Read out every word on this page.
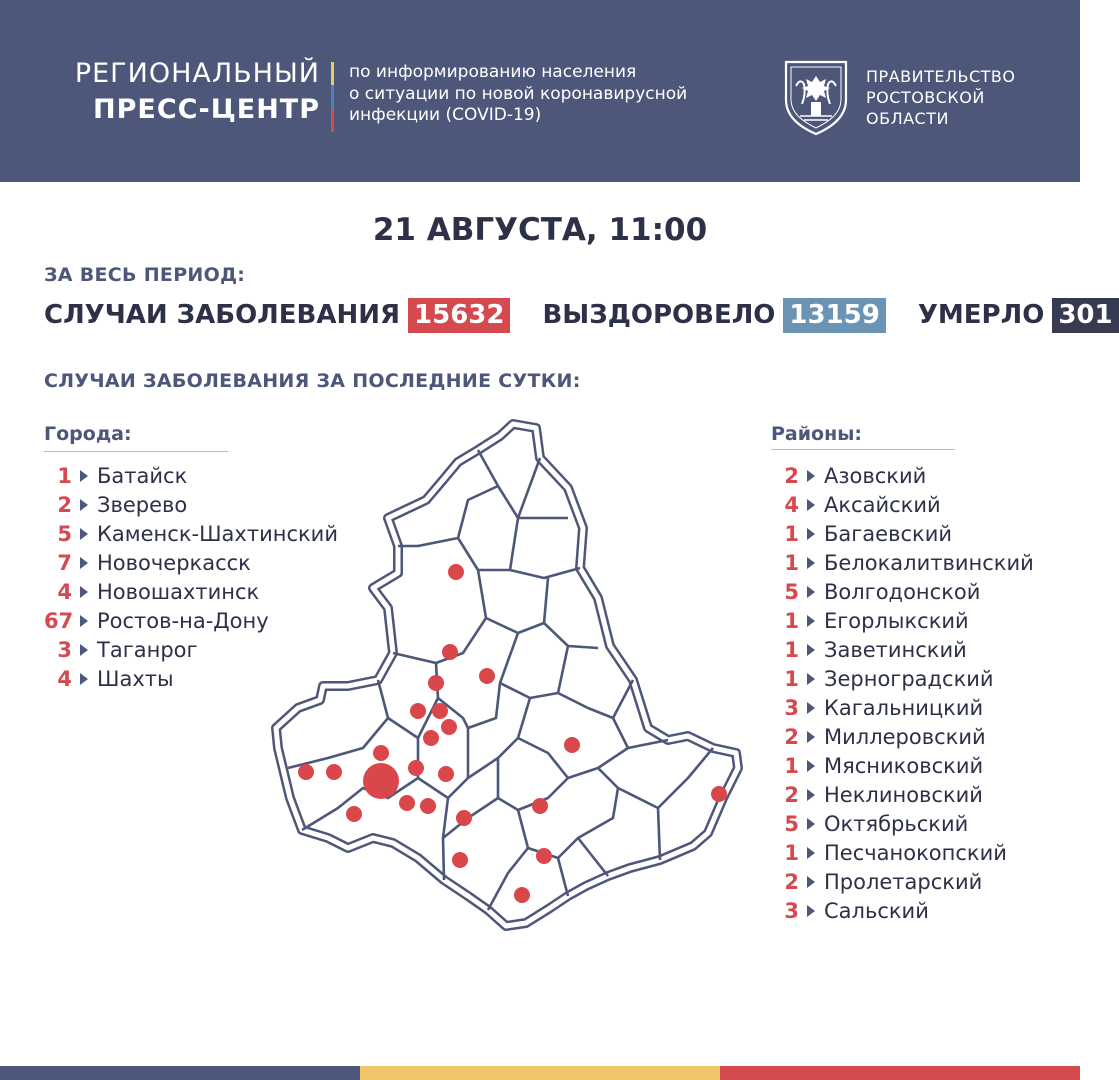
РЕГИОНАЛЬНЫЙ
ПРЕСС-ЦЕНТР
по информированию населения
о ситуации по новой коронавирусной
инфекции (COVID-19)
ПРАВИТЕЛЬСТВО
РОСТОВСКОЙ
ОБЛАСТИ
21 АВГУСТА, 11:00
ЗА ВЕСЬ ПЕРИОД:
СЛУЧАИ ЗАБОЛЕВАНИЯ 15632 ВЫЗДОРОВЕЛО 13159 УМЕРЛО 301
СЛУЧАИ ЗАБОЛЕВАНИЯ ЗА ПОСЛЕДНИЕ СУТКИ:
Города:
1 Батайск
2 Зверево
5 Каменск-Шахтинский
7 Новочеркасск
4 Новошахтинск
67 Ростов-на-Дону
3 Таганрог
4 Шахты
Районы:
2 Азовский
4 Аксайский
1 Багаевский
1 Белокалитвинский
5 Волгодонской
1 Егорлыкский
1 Заветинский
1 Зерноградский
3 Кагальницкий
2 Миллеровский
1 Мясниковский
2 Неклиновский
5 Октябрьский
1 Песчанокопский
2 Пролетарский
3 Сальский
